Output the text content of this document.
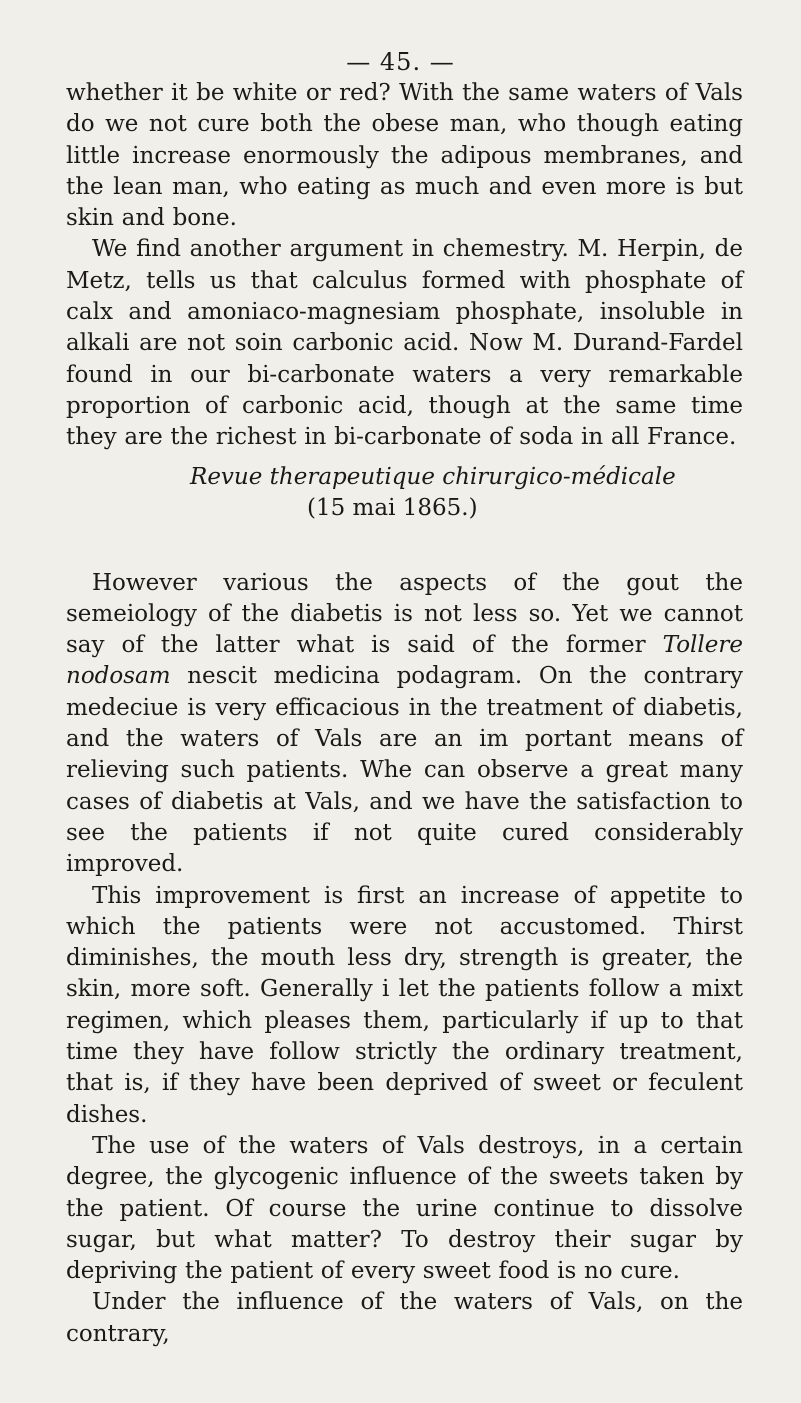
— 45. —

whether it be white or red? With the same waters of Vals do we not cure both the obese man, who though eating little increase enormously the adipous membranes, and the lean man, who eating as much and even more is but skin and bone.

We find another argument in chemestry. M. Herpin, de Metz, tells us that calculus formed with phosphate of calx and amoniaco-magnesiam phosphate, insoluble in alkali are not soin carbonic acid. Now M. Durand-Fardel found in our bi-carbonate waters a very remarkable proportion of carbonic acid, though at the same time they are the richest in bi-carbonate of soda in all France.

Revue therapeutique chirurgico-médicale
(15 mai 1865.)

However various the aspects of the gout the semeiology of the diabetis is not less so. Yet we cannot say of the latter what is said of the former Tollere nodosam nescit medicina podagram. On the contrary medeciue is very efficacious in the treatment of diabetis, and the waters of Vals are an im portant means of relieving such patients. Whe can observe a great many cases of diabetis at Vals, and we have the satisfaction to see the patients if not quite cured considerably improved.

This improvement is first an increase of appetite to which the patients were not accustomed. Thirst diminishes, the mouth less dry, strength is greater, the skin, more soft. Generally i let the patients follow a mixt regimen, which pleases them, particularly if up to that time they have follow strictly the ordinary treatment, that is, if they have been deprived of sweet or feculent dishes.

The use of the waters of Vals destroys, in a certain degree, the glycogenic influence of the sweets taken by the patient. Of course the urine continue to dissolve sugar, but what matter? To destroy their sugar by depriving the patient of every sweet food is no cure.

Under the influence of the waters of Vals, on the contrary,
